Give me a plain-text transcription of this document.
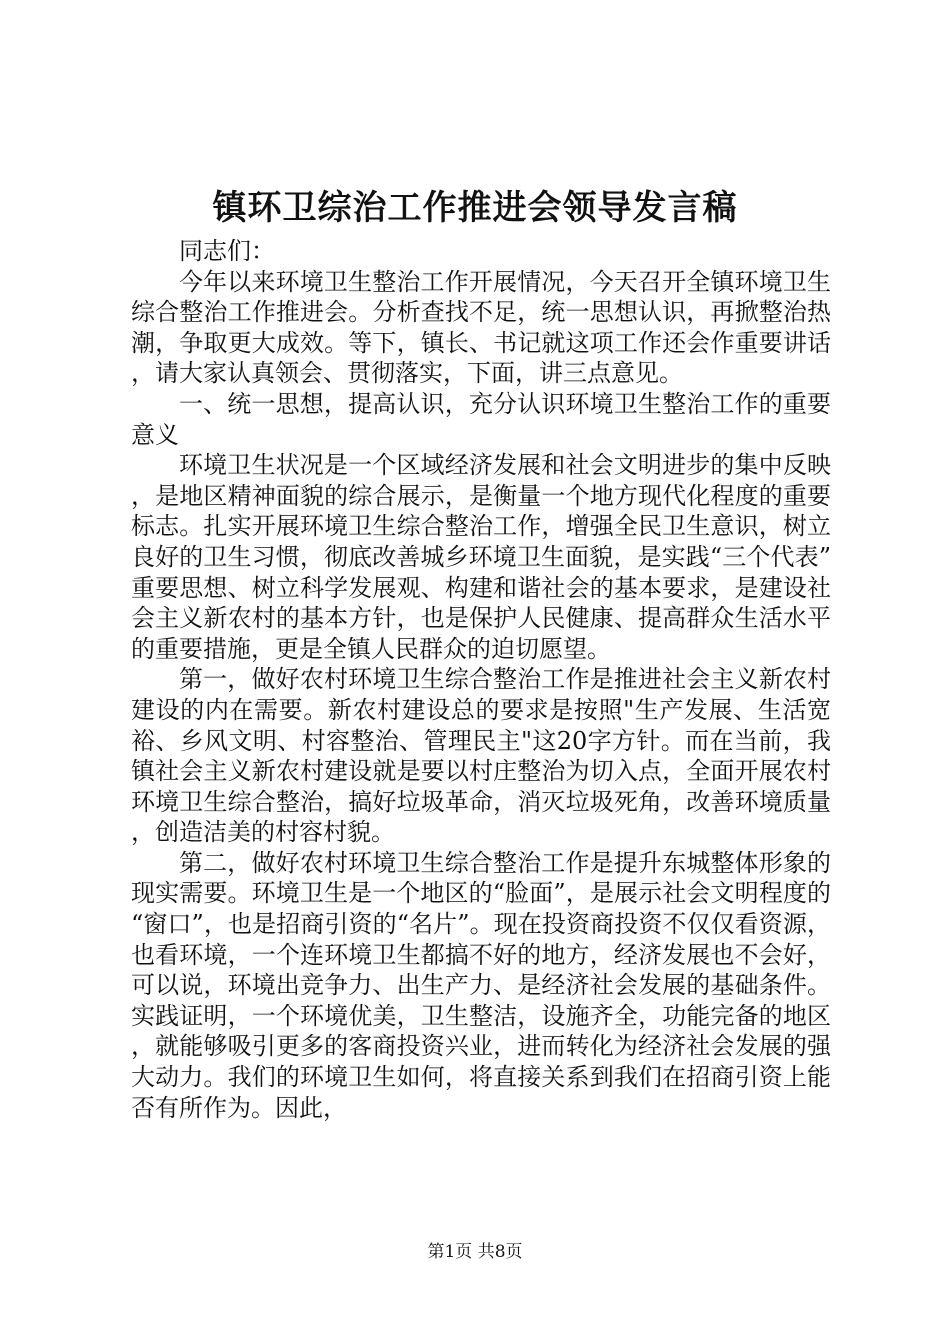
镇环卫综治工作推进会领导发言稿

同志们：

今年以来环境卫生整治工作开展情况，今天召开全镇环境卫生综合整治工作推进会。分析查找不足，统一思想认识，再掀整治热潮，争取更大成效。等下，镇长、书记就这项工作还会作重要讲话，请大家认真领会、贯彻落实，下面，讲三点意见。

一、统一思想，提高认识，充分认识环境卫生整治工作的重要意义

环境卫生状况是一个区域经济发展和社会文明进步的集中反映，是地区精神面貌的综合展示，是衡量一个地方现代化程度的重要标志。扎实开展环境卫生综合整治工作，增强全民卫生意识，树立良好的卫生习惯，彻底改善城乡环境卫生面貌，是实践“三个代表”重要思想、树立科学发展观、构建和谐社会的基本要求，是建设社会主义新农村的基本方针，也是保护人民健康、提高群众生活水平的重要措施，更是全镇人民群众的迫切愿望。

第一，做好农村环境卫生综合整治工作是推进社会主义新农村建设的内在需要。新农村建设总的要求是按照"生产发展、生活宽裕、乡风文明、村容整治、管理民主"这20字方针。而在当前，我镇社会主义新农村建设就是要以村庄整治为切入点，全面开展农村环境卫生综合整治，搞好垃圾革命，消灭垃圾死角，改善环境质量，创造洁美的村容村貌。

第二，做好农村环境卫生综合整治工作是提升东城整体形象的现实需要。环境卫生是一个地区的“脸面”，是展示社会文明程度的“窗口”，也是招商引资的“名片”。现在投资商投资不仅仅看资源，也看环境，一个连环境卫生都搞不好的地方，经济发展也不会好，可以说，环境出竞争力、出生产力、是经济社会发展的基础条件。实践证明，一个环境优美，卫生整洁，设施齐全，功能完备的地区，就能够吸引更多的客商投资兴业，进而转化为经济社会发展的强大动力。我们的环境卫生如何，将直接关系到我们在招商引资上能否有所作为。因此，

第1页 共8页
